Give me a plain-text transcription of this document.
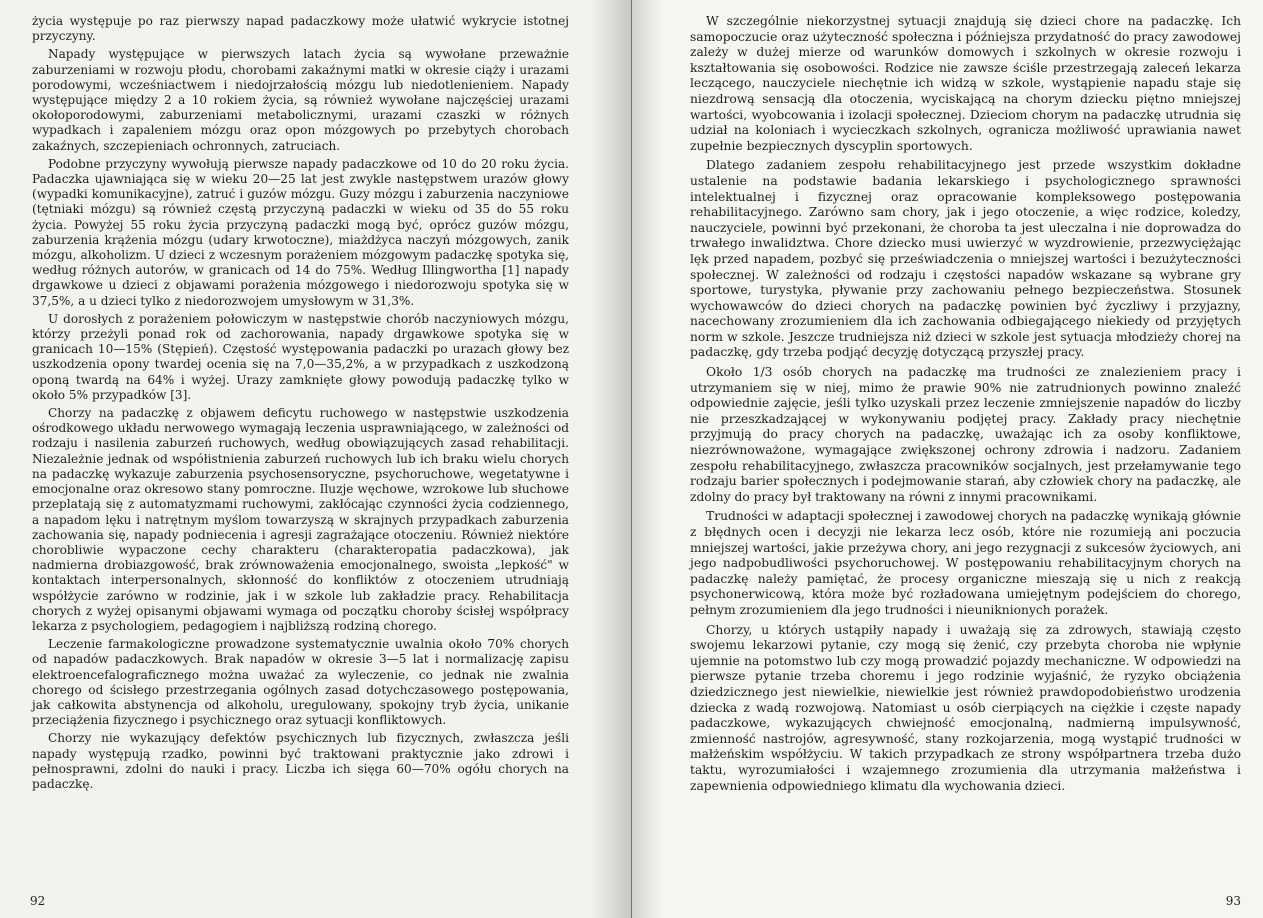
życia występuje po raz pierwszy napad padaczkowy może ułatwić wykrycie istotnej przyczyny.

Napady występujące w pierwszych latach życia są wywołane przeważnie zaburzeniami w rozwoju płodu, chorobami zakaźnymi matki w okresie ciąży i urazami porodowymi, wcześniactwem i niedojrzałością mózgu lub niedotlenieniem. Napady występujące między 2 a 10 rokiem życia, są również wywołane najczęściej urazami okołoporodowymi, zaburzeniami metabolicznymi, urazami czaszki w różnych wypadkach i zapaleniem mózgu oraz opon mózgowych po przebytych chorobach zakaźnych, szczepieniach ochronnych, zatruciach.

Podobne przyczyny wywołują pierwsze napady padaczkowe od 10 do 20 roku życia. Padaczka ujawniająca się w wieku 20—25 lat jest zwykle następstwem urazów głowy (wypadki komunikacyjne), zatruć i guzów mózgu. Guzy mózgu i zaburzenia naczyniowe (tętniaki mózgu) są również częstą przyczyną padaczki w wieku od 35 do 55 roku życia. Powyżej 55 roku życia przyczyną padaczki mogą być, oprócz guzów mózgu, zaburzenia krążenia mózgu (udary krwotoczne), miażdżyca naczyń mózgowych, zanik mózgu, alkoholizm. U dzieci z wczesnym porażeniem mózgowym padaczkę spotyka się, według różnych autorów, w granicach od 14 do 75%. Według Illingwortha [1] napady drgawkowe u dzieci z objawami porażenia mózgowego i niedorozwoju spotyka się w 37,5%, a u dzieci tylko z niedorozwojem umysłowym w 31,3%.

U dorosłych z porażeniem połowiczym w następstwie chorób naczyniowych mózgu, którzy przeżyli ponad rok od zachorowania, napady drgawkowe spotyka się w granicach 10—15% (Stępień). Częstość występowania padaczki po urazach głowy bez uszkodzenia opony twardej ocenia się na 7,0—35,2%, a w przypadkach z uszkodzoną oponą twardą na 64% i wyżej. Urazy zamknięte głowy powodują padaczkę tylko w około 5% przypadków [3].

Chorzy na padaczkę z objawem deficytu ruchowego w następstwie uszkodzenia ośrodkowego układu nerwowego wymagają leczenia usprawniającego, w zależności od rodzaju i nasilenia zaburzeń ruchowych, według obowiązujących zasad rehabilitacji. Niezależnie jednak od współistnienia zaburzeń ruchowych lub ich braku wielu chorych na padaczkę wykazuje zaburzenia psychosensoryczne, psychoruchowe, wegetatywne i emocjonalne oraz okresowo stany pomroczne. Iluzje węchowe, wzrokowe lub słuchowe przeplatają się z automatyzmami ruchowymi, zakłócając czynności życia codziennego, a napadom lęku i natrętnym myślom towarzyszą w skrajnych przypadkach zaburzenia zachowania się, napady podniecenia i agresji zagrażające otoczeniu. Również niektóre chorobliwie wypaczone cechy charakteru (charakteropatia padaczkowa), jak nadmierna drobiazgowość, brak zrównoważenia emocjonalnego, swoista „lepkość" w kontaktach interpersonalnych, skłonność do konfliktów z otoczeniem utrudniają współżycie zarówno w rodzinie, jak i w szkole lub zakładzie pracy. Rehabilitacja chorych z wyżej opisanymi objawami wymaga od początku choroby ścisłej współpracy lekarza z psychologiem, pedagogiem i najbliższą rodziną chorego.

Leczenie farmakologiczne prowadzone systematycznie uwalnia około 70% chorych od napadów padaczkowych. Brak napadów w okresie 3—5 lat i normalizację zapisu elektroencefalograficznego można uważać za wyleczenie, co jednak nie zwalnia chorego od ścisłego przestrzegania ogólnych zasad dotychczasowego postępowania, jak całkowita abstynencja od alkoholu, uregulowany, spokojny tryb życia, unikanie przeciążenia fizycznego i psychicznego oraz sytuacji konfliktowych.

Chorzy nie wykazujący defektów psychicznych lub fizycznych, zwłaszcza jeśli napady występują rzadko, powinni być traktowani praktycznie jako zdrowi i pełnosprawni, zdolni do nauki i pracy. Liczba ich sięga 60—70% ogółu chorych na padaczkę.

92

W szczególnie niekorzystnej sytuacji znajdują się dzieci chore na padaczkę. Ich samopoczucie oraz użyteczność społeczna i późniejsza przydatność do pracy zawodowej zależy w dużej mierze od warunków domowych i szkolnych w okresie rozwoju i kształtowania się osobowości. Rodzice nie zawsze ściśle przestrzegają zaleceń lekarza leczącego, nauczyciele niechętnie ich widzą w szkole, wystąpienie napadu staje się niezdrową sensacją dla otoczenia, wyciskającą na chorym dziecku piętno mniejszej wartości, wyobcowania i izolacji społecznej. Dzieciom chorym na padaczkę utrudnia się udział na koloniach i wycieczkach szkolnych, ogranicza możliwość uprawiania nawet zupełnie bezpiecznych dyscyplin sportowych.

Dlatego zadaniem zespołu rehabilitacyjnego jest przede wszystkim dokładne ustalenie na podstawie badania lekarskiego i psychologicznego sprawności intelektualnej i fizycznej oraz opracowanie kompleksowego postępowania rehabilitacyjnego. Zarówno sam chory, jak i jego otoczenie, a więc rodzice, koledzy, nauczyciele, powinni być przekonani, że choroba ta jest uleczalna i nie doprowadza do trwałego inwalidztwa. Chore dziecko musi uwierzyć w wyzdrowienie, przezwyciężając lęk przed napadem, pozbyć się przeświadczenia o mniejszej wartości i bezużyteczności społecznej. W zależności od rodzaju i częstości napadów wskazane są wybrane gry sportowe, turystyka, pływanie przy zachowaniu pełnego bezpieczeństwa. Stosunek wychowawców do dzieci chorych na padaczkę powinien być życzliwy i przyjazny, nacechowany zrozumieniem dla ich zachowania odbiegającego niekiedy od przyjętych norm w szkole. Jeszcze trudniejsza niż dzieci w szkole jest sytuacja młodzieży chorej na padaczkę, gdy trzeba podjąć decyzję dotyczącą przyszłej pracy.

Około 1/3 osób chorych na padaczkę ma trudności ze znalezieniem pracy i utrzymaniem się w niej, mimo że prawie 90% nie zatrudnionych powinno znaleźć odpowiednie zajęcie, jeśli tylko uzyskali przez leczenie zmniejszenie napadów do liczby nie przeszkadzającej w wykonywaniu podjętej pracy. Zakłady pracy niechętnie przyjmują do pracy chorych na padaczkę, uważając ich za osoby konfliktowe, niezrównoważone, wymagające zwiększonej ochrony zdrowia i nadzoru. Zadaniem zespołu rehabilitacyjnego, zwłaszcza pracowników socjalnych, jest przełamywanie tego rodzaju barier społecznych i podejmowanie starań, aby człowiek chory na padaczkę, ale zdolny do pracy był traktowany na równi z innymi pracownikami.

Trudności w adaptacji społecznej i zawodowej chorych na padaczkę wynikają głównie z błędnych ocen i decyzji nie lekarza lecz osób, które nie rozumieją ani poczucia mniejszej wartości, jakie przeżywa chory, ani jego rezygnacji z sukcesów życiowych, ani jego nadpobudliwości psychoruchowej. W postępowaniu rehabilitacyjnym chorych na padaczkę należy pamiętać, że procesy organiczne mieszają się u nich z reakcją psychonerwicową, która może być rozładowana umiejętnym podejściem do chorego, pełnym zrozumieniem dla jego trudności i nieuniknionych porażek.

Chorzy, u których ustąpiły napady i uważają się za zdrowych, stawiają często swojemu lekarzowi pytanie, czy mogą się żenić, czy przebyta choroba nie wpłynie ujemnie na potomstwo lub czy mogą prowadzić pojazdy mechaniczne. W odpowiedzi na pierwsze pytanie trzeba choremu i jego rodzinie wyjaśnić, że ryzyko obciążenia dziedzicznego jest niewielkie, niewielkie jest również prawdopodobieństwo urodzenia dziecka z wadą rozwojową. Natomiast u osób cierpiących na ciężkie i częste napady padaczkowe, wykazujących chwiejność emocjonalną, nadmierną impulsywność, zmienność nastrojów, agresywność, stany rozkojarzenia, mogą wystąpić trudności w małżeńskim współżyciu. W takich przypadkach ze strony współpartnera trzeba dużo taktu, wyrozumiałości i wzajemnego zrozumienia dla utrzymania małżeństwa i zapewnienia odpowiedniego klimatu dla wychowania dzieci.

93
